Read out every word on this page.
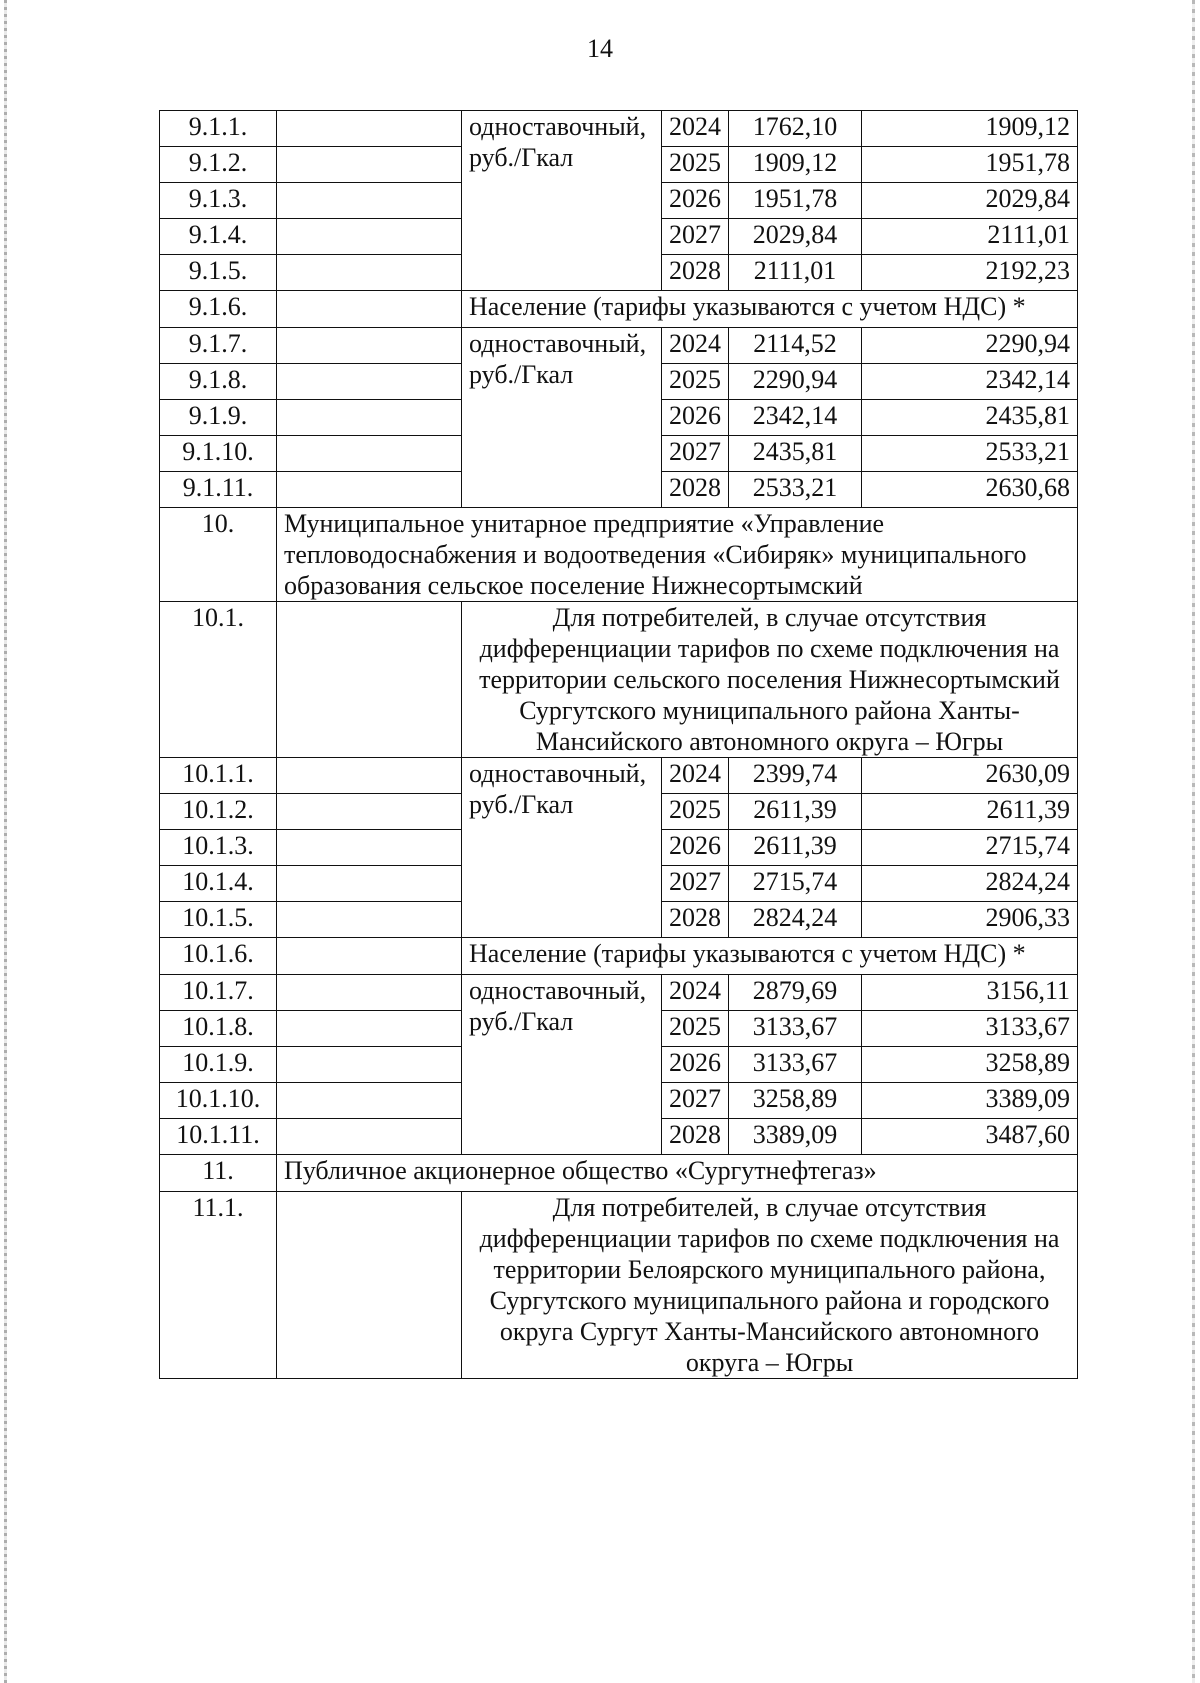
14
9.1.1.		одноставочный, руб./Гкал	2024	1762,10	1909,12
9.1.2.			2025	1909,12	1951,78
9.1.3.			2026	1951,78	2029,84
9.1.4.			2027	2029,84	2111,01
9.1.5.			2028	2111,01	2192,23
9.1.6.		Население (тарифы указываются с учетом НДС) *			
9.1.7.		одноставочный, руб./Гкал	2024	2114,52	2290,94
9.1.8.			2025	2290,94	2342,14
9.1.9.			2026	2342,14	2435,81
9.1.10.			2027	2435,81	2533,21
9.1.11.			2028	2533,21	2630,68
10.	Муниципальное унитарное предприятие «Управление тепловодоснабжения и водоотведения «Сибиряк» муниципального образования сельское поселение Нижнесортымский				
10.1.		Для потребителей, в случае отсутствия дифференциации тарифов по схеме подключения на территории сельского поселения Нижнесортымский Сургутского муниципального района Ханты-Мансийского автономного округа – Югры			
10.1.1.		одноставочный, руб./Гкал	2024	2399,74	2630,09
10.1.2.			2025	2611,39	2611,39
10.1.3.			2026	2611,39	2715,74
10.1.4.			2027	2715,74	2824,24
10.1.5.			2028	2824,24	2906,33
10.1.6.		Население (тарифы указываются с учетом НДС) *			
10.1.7.		одноставочный, руб./Гкал	2024	2879,69	3156,11
10.1.8.			2025	3133,67	3133,67
10.1.9.			2026	3133,67	3258,89
10.1.10.			2027	3258,89	3389,09
10.1.11.			2028	3389,09	3487,60
11.	Публичное акционерное общество «Сургутнефтегаз»				
11.1.		Для потребителей, в случае отсутствия дифференциации тарифов по схеме подключения на территории Белоярского муниципального района, Сургутского муниципального района и городского округа Сургут Ханты-Мансийского автономного округа – Югры			
